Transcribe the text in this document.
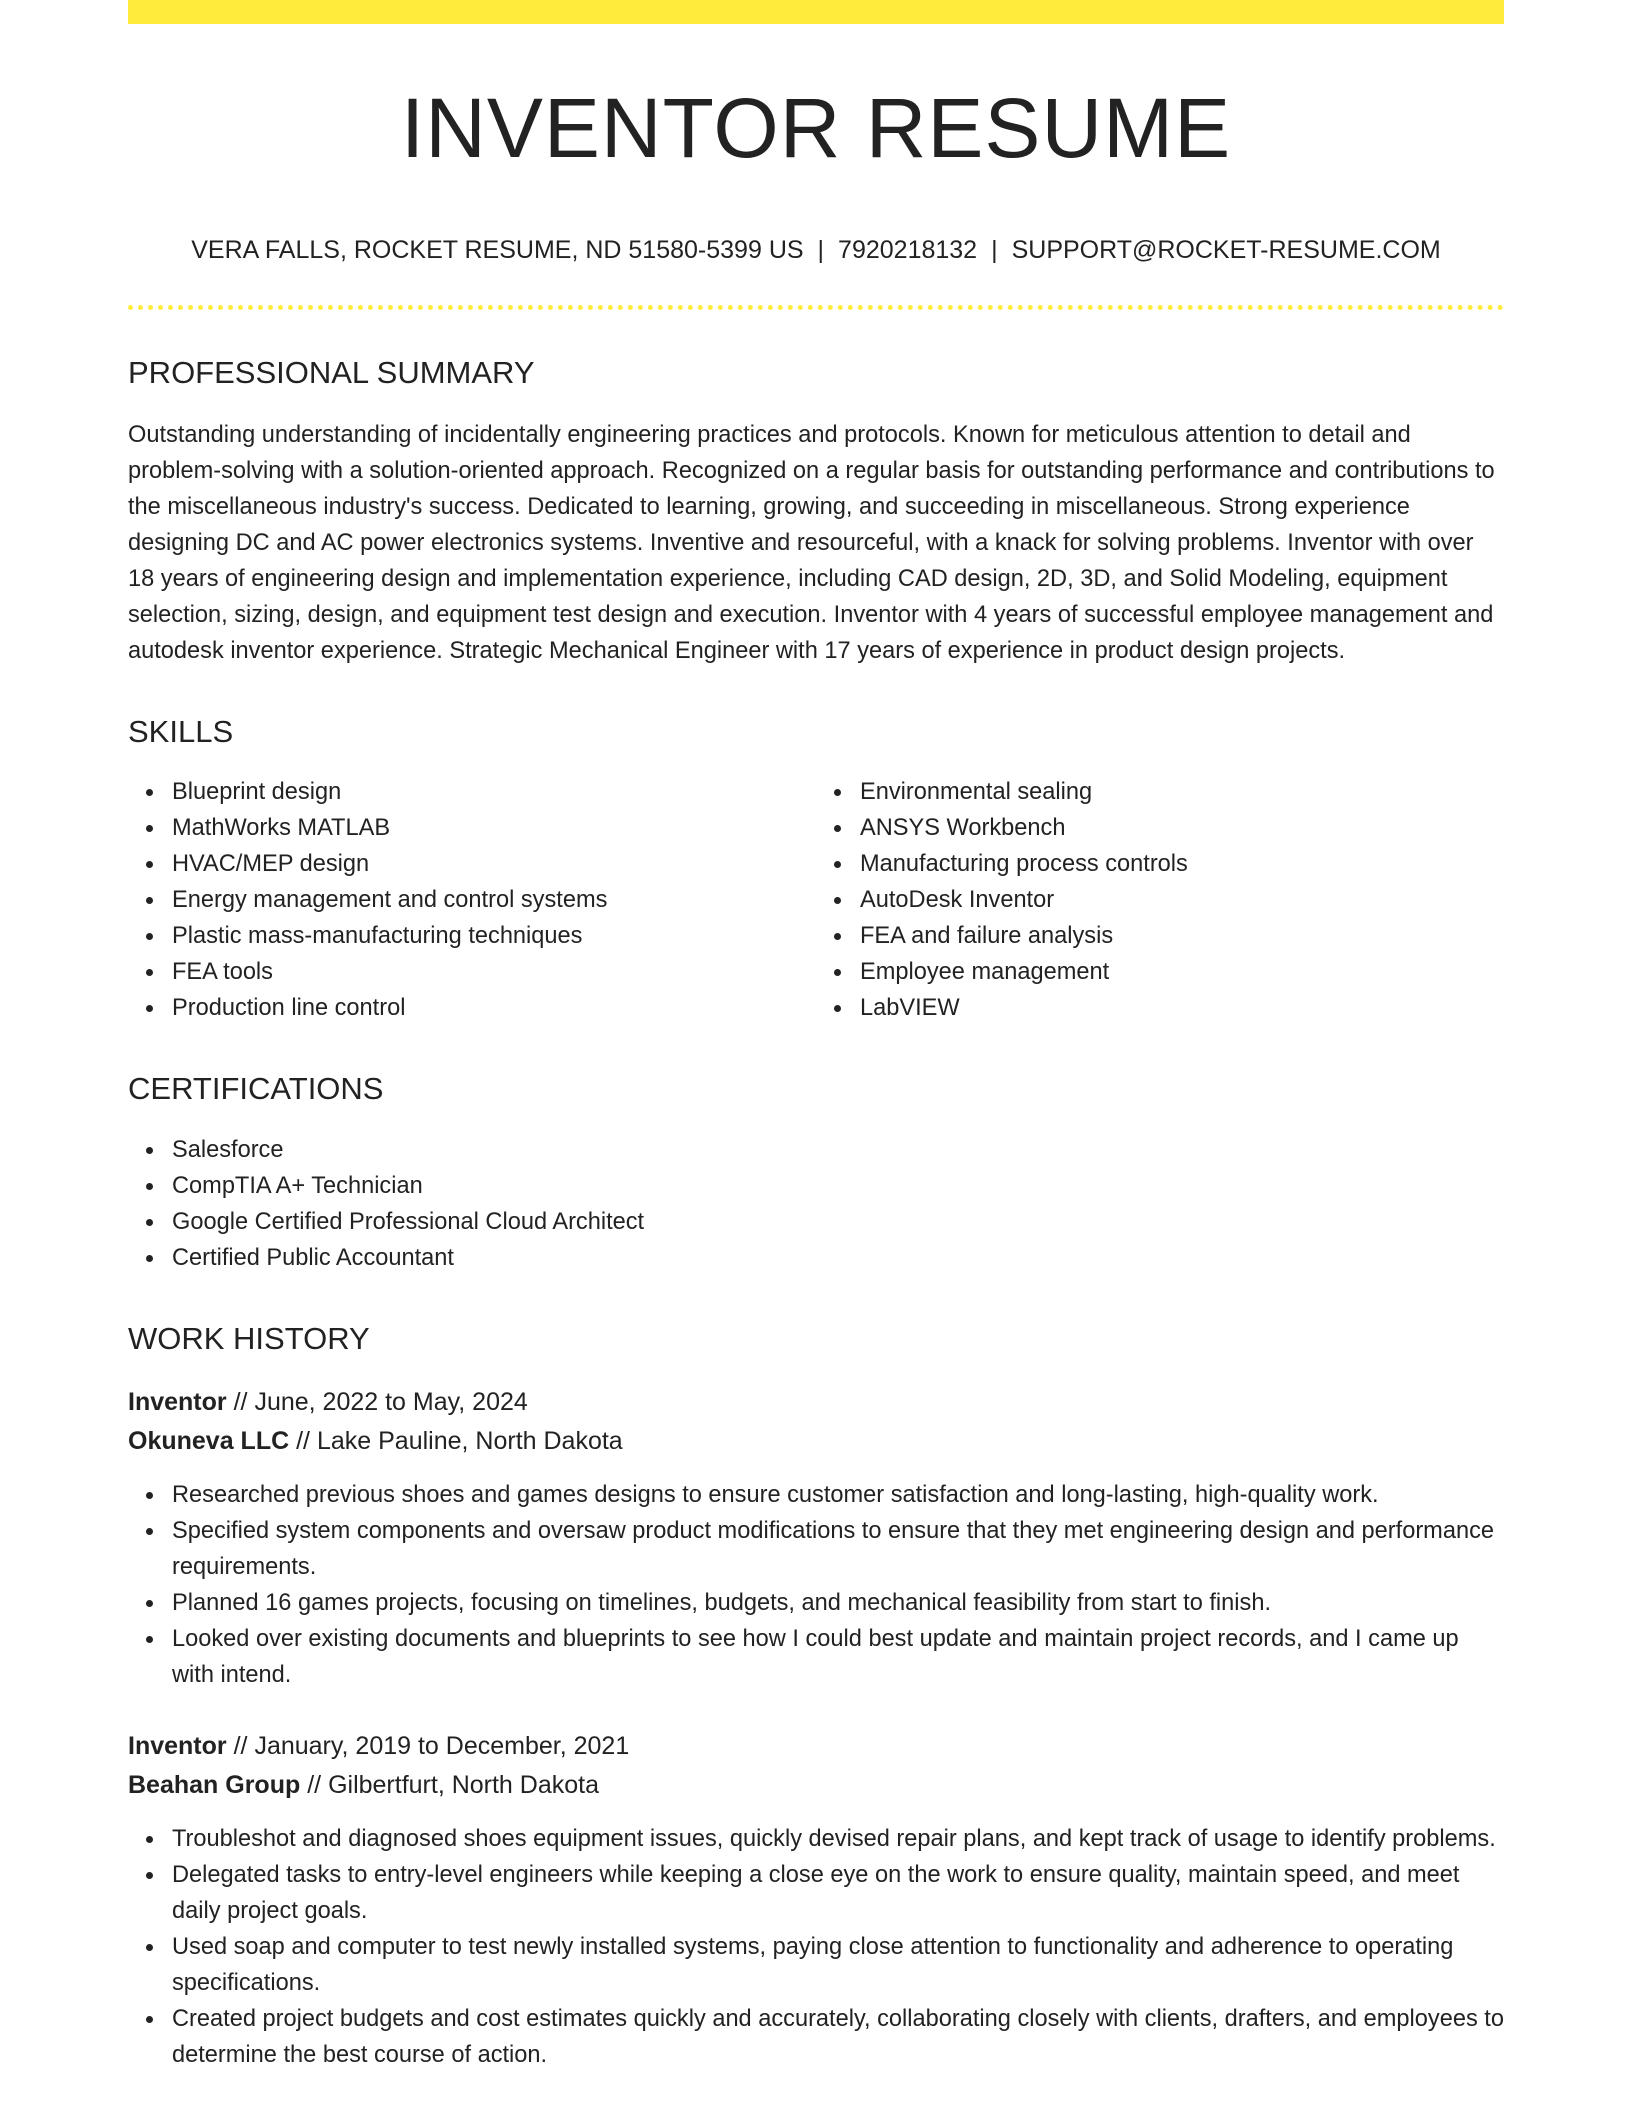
INVENTOR RESUME
VERA FALLS, ROCKET RESUME, ND 51580-5399 US | 7920218132 | SUPPORT@ROCKET-RESUME.COM
PROFESSIONAL SUMMARY
Outstanding understanding of incidentally engineering practices and protocols. Known for meticulous attention to detail and problem-solving with a solution-oriented approach. Recognized on a regular basis for outstanding performance and contributions to the miscellaneous industry's success. Dedicated to learning, growing, and succeeding in miscellaneous. Strong experience designing DC and AC power electronics systems. Inventive and resourceful, with a knack for solving problems. Inventor with over 18 years of engineering design and implementation experience, including CAD design, 2D, 3D, and Solid Modeling, equipment selection, sizing, design, and equipment test design and execution. Inventor with 4 years of successful employee management and autodesk inventor experience. Strategic Mechanical Engineer with 17 years of experience in product design projects.
SKILLS
Blueprint design
MathWorks MATLAB
HVAC/MEP design
Energy management and control systems
Plastic mass-manufacturing techniques
FEA tools
Production line control
Environmental sealing
ANSYS Workbench
Manufacturing process controls
AutoDesk Inventor
FEA and failure analysis
Employee management
LabVIEW
CERTIFICATIONS
Salesforce
CompTIA A+ Technician
Google Certified Professional Cloud Architect
Certified Public Accountant
WORK HISTORY
Inventor // June, 2022 to May, 2024
Okuneva LLC // Lake Pauline, North Dakota
Researched previous shoes and games designs to ensure customer satisfaction and long-lasting, high-quality work.
Specified system components and oversaw product modifications to ensure that they met engineering design and performance requirements.
Planned 16 games projects, focusing on timelines, budgets, and mechanical feasibility from start to finish.
Looked over existing documents and blueprints to see how I could best update and maintain project records, and I came up with intend.
Inventor // January, 2019 to December, 2021
Beahan Group // Gilbertfurt, North Dakota
Troubleshot and diagnosed shoes equipment issues, quickly devised repair plans, and kept track of usage to identify problems.
Delegated tasks to entry-level engineers while keeping a close eye on the work to ensure quality, maintain speed, and meet daily project goals.
Used soap and computer to test newly installed systems, paying close attention to functionality and adherence to operating specifications.
Created project budgets and cost estimates quickly and accurately, collaborating closely with clients, drafters, and employees to determine the best course of action.
